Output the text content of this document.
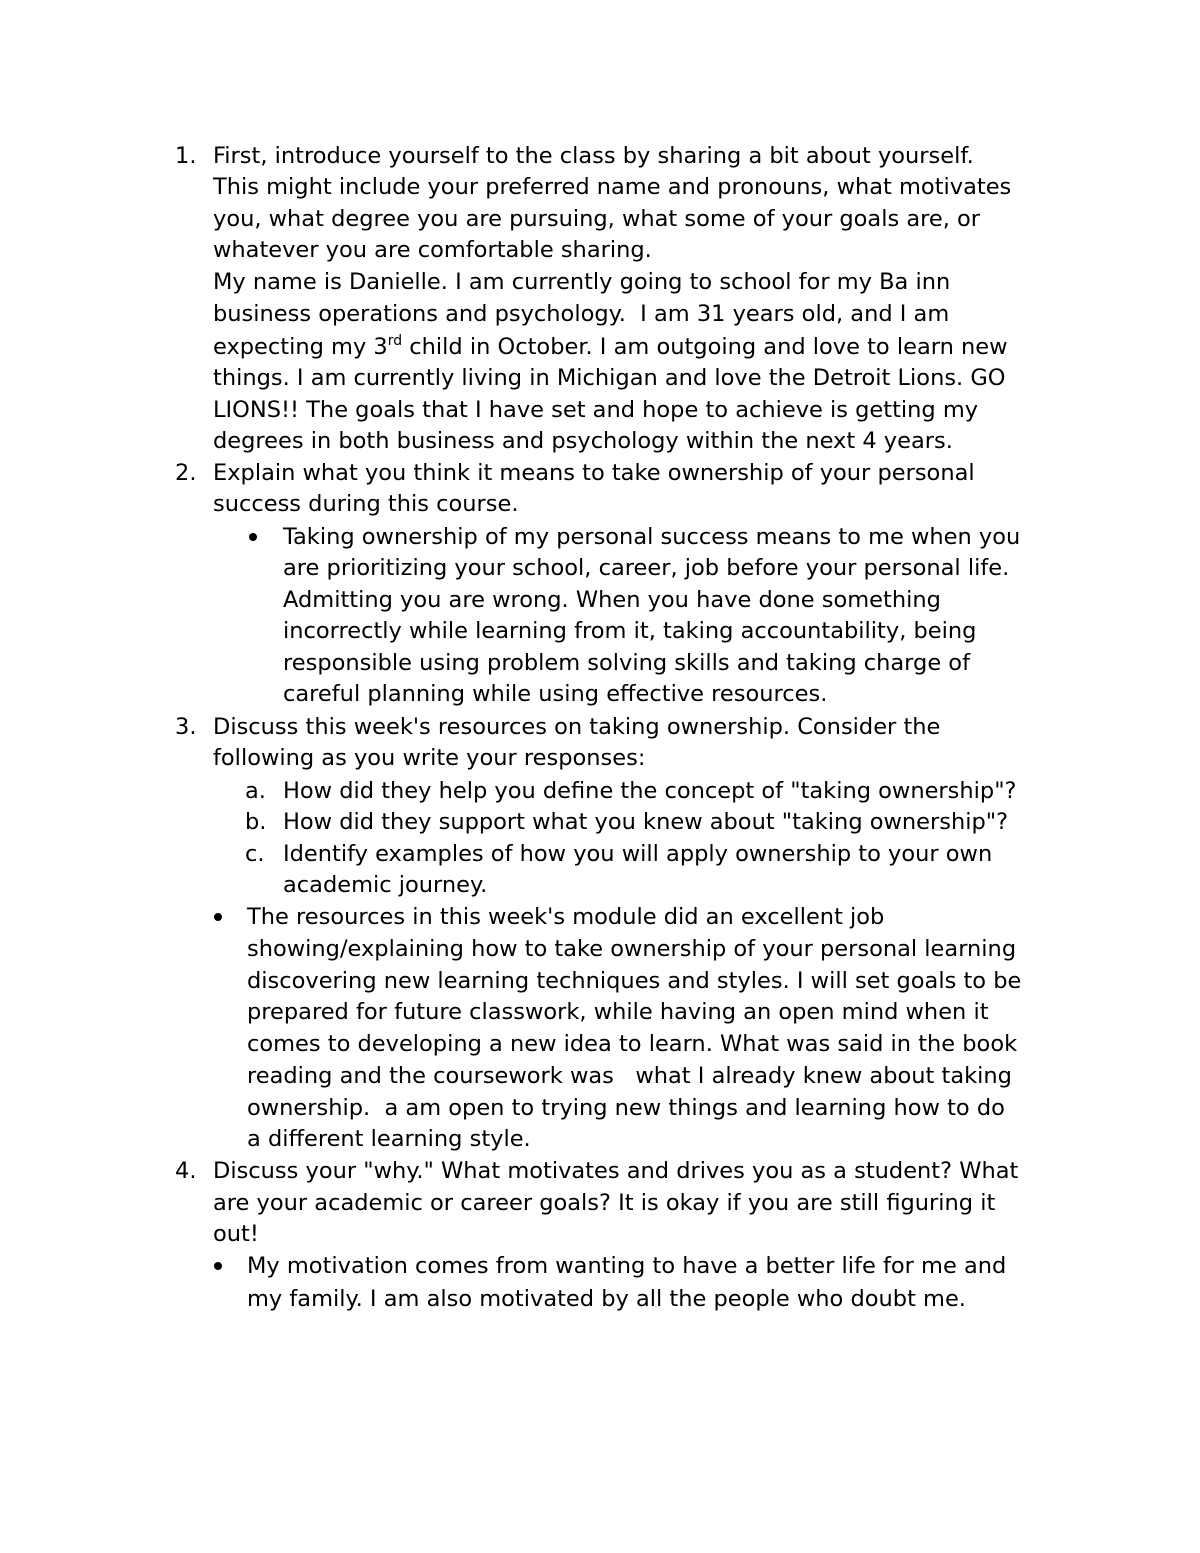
1. First, introduce yourself to the class by sharing a bit about yourself.
This might include your preferred name and pronouns, what motivates
you, what degree you are pursuing, what some of your goals are, or
whatever you are comfortable sharing.
My name is Danielle. I am currently going to school for my Ba inn
business operations and psychology.  I am 31 years old, and I am
expecting my 3rd child in October. I am outgoing and love to learn new
things. I am currently living in Michigan and love the Detroit Lions. GO
LIONS!! The goals that I have set and hope to achieve is getting my
degrees in both business and psychology within the next 4 years.
2. Explain what you think it means to take ownership of your personal
success during this course.
Taking ownership of my personal success means to me when you
are prioritizing your school, career, job before your personal life.
Admitting you are wrong. When you have done something
incorrectly while learning from it, taking accountability, being
responsible using problem solving skills and taking charge of
careful planning while using effective resources.
3. Discuss this week's resources on taking ownership. Consider the
following as you write your responses:
a. How did they help you define the concept of "taking ownership"?
b. How did they support what you knew about "taking ownership"?
c. Identify examples of how you will apply ownership to your own
academic journey.
The resources in this week's module did an excellent job
showing/explaining how to take ownership of your personal learning
discovering new learning techniques and styles. I will set goals to be
prepared for future classwork, while having an open mind when it
comes to developing a new idea to learn. What was said in the book
reading and the coursework was   what I already knew about taking
ownership.  a am open to trying new things and learning how to do
a different learning style.
4. Discuss your "why." What motivates and drives you as a student? What
are your academic or career goals? It is okay if you are still figuring it
out!
My motivation comes from wanting to have a better life for me and
my family. I am also motivated by all the people who doubt me.
